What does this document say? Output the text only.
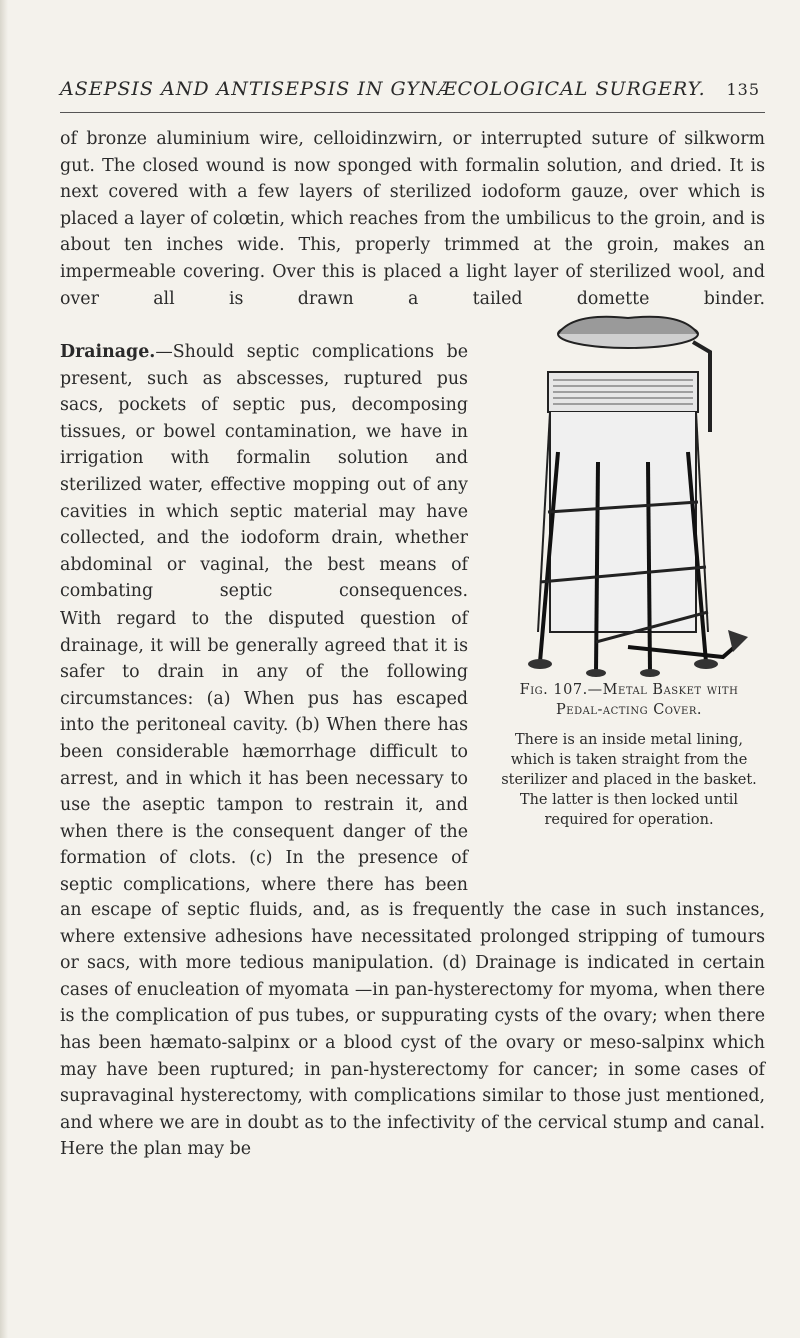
ASEPSIS AND ANTISEPSIS IN GYNÆCOLOGICAL SURGERY. 135

of bronze aluminium wire, celloidinzwirn, or interrupted suture of silkworm gut. The closed wound is now sponged with formalin solution, and dried. It is next covered with a few layers of sterilized iodoform gauze, over which is placed a layer of colœtin, which reaches from the umbilicus to the groin, and is about ten inches wide. This, properly trimmed at the groin, makes an impermeable covering. Over this is placed a light layer of sterilized wool, and over all is drawn a tailed domette binder.

Drainage.—Should septic complications be present, such as abscesses, ruptured pus sacs, pockets of septic pus, decomposing tissues, or bowel contamination, we have in irrigation with formalin solution and sterilized water, effective mopping out of any cavities in which septic material may have collected, and the iodoform drain, whether abdominal or vaginal, the best means of combating septic consequences.

With regard to the disputed question of drainage, it will be generally agreed that it is safer to drain in any of the following circumstances: (a) When pus has escaped into the peritoneal cavity. (b) When there has been considerable hæmorrhage difficult to arrest, and in which it has been necessary to use the aseptic tampon to restrain it, and when there is the consequent danger of the formation of clots. (c) In the presence of septic complications, where there has been

Fig. 107.—Metal Basket with Pedal-acting Cover.
There is an inside metal lining, which is taken straight from the sterilizer and placed in the basket. The latter is then locked until required for operation.

an escape of septic fluids, and, as is frequently the case in such instances, where extensive adhesions have necessitated prolonged stripping of tumours or sacs, with more tedious manipulation. (d) Drainage is indicated in certain cases of enucleation of myomata —in pan-hysterectomy for myoma, when there is the complication of pus tubes, or suppurating cysts of the ovary; when there has been hæmato-salpinx or a blood cyst of the ovary or meso-salpinx which may have been ruptured; in pan-hysterectomy for cancer; in some cases of supravaginal hysterectomy, with complications similar to those just mentioned, and where we are in doubt as to the infectivity of the cervical stump and canal. Here the plan may be
